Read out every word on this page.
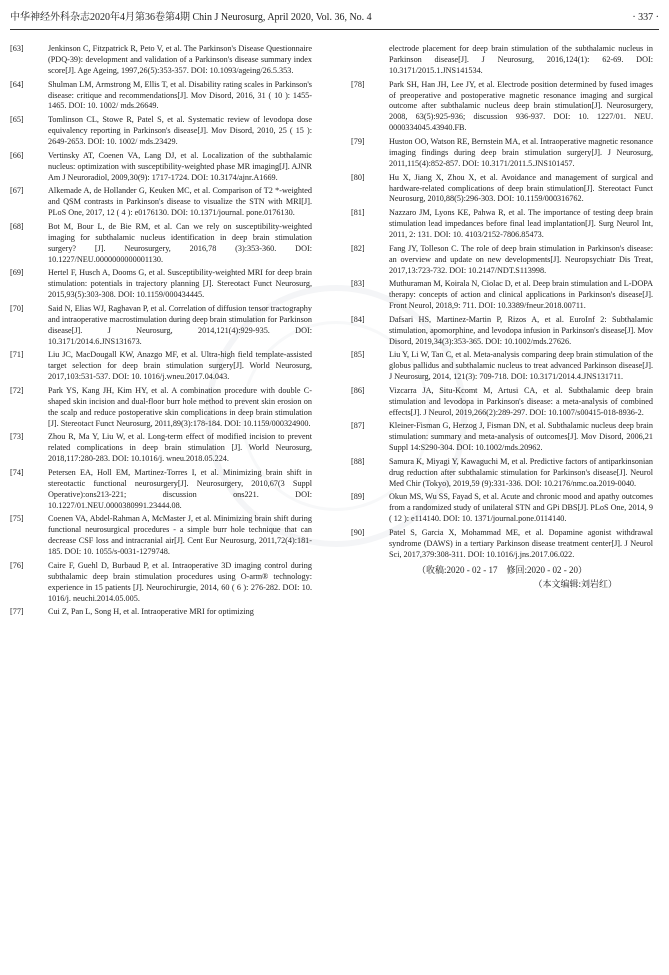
中华神经外科杂志2020年4月第36卷第4期 Chin J Neurosurg, April 2020, Vol. 36, No. 4	· 337 ·
[63]	Jenkinson C, Fitzpatrick R, Peto V, et al. The Parkinson's Disease Questionnaire (PDQ-39): development and validation of a Parkinson's disease summary index score[J]. Age Ageing, 1997,26(5):353-357. DOI: 10.1093/ageing/26.5.353.
[64]	Shulman LM, Armstrong M, Ellis T, et al. Disability rating scales in Parkinson's disease: critique and recommendations[J]. Mov Disord, 2016, 31 ( 10 ): 1455-1465. DOI: 10. 1002/ mds.26649.
[65]	Tomlinson CL, Stowe R, Patel S, et al. Systematic review of levodopa dose equivalency reporting in Parkinson's disease[J]. Mov Disord, 2010, 25 ( 15 ): 2649-2653. DOI: 10. 1002/ mds.23429.
[66]	Vertinsky AT, Coenen VA, Lang DJ, et al. Localization of the subthalamic nucleus: optimization with susceptibility-weighted phase MR imaging[J]. AJNR Am J Neuroradiol, 2009,30(9): 1717-1724. DOI: 10.3174/ajnr.A1669.
[67]	Alkemade A, de Hollander G, Keuken MC, et al. Comparison of T2 *-weighted and QSM contrasts in Parkinson's disease to visualize the STN with MRI[J]. PLoS One, 2017, 12 ( 4 ): e0176130. DOI: 10.1371/journal. pone.0176130.
[68]	Bot M, Bour L, de Bie RM, et al. Can we rely on susceptibility-weighted imaging for subthalamic nucleus identification in deep brain stimulation surgery? [J]. Neurosurgery, 2016,78 (3):353-360. DOI: 10.1227/NEU.0000000000001130.
[69]	Hertel F, Husch A, Dooms G, et al. Susceptibility-weighted MRI for deep brain stimulation: potentials in trajectory planning [J]. Stereotact Funct Neurosurg, 2015,93(5):303-308. DOI: 10.1159/000434445.
[70]	Said N, Elias WJ, Raghavan P, et al. Correlation of diffusion tensor tractography and intraoperative macrostimulation during deep brain stimulation for Parkinson disease[J]. J Neurosurg, 2014,121(4):929-935. DOI: 10.3171/2014.6.JNS131673.
[71]	Liu JC, MacDougall KW, Anazgo MF, et al. Ultra-high field template-assisted target selection for deep brain stimulation surgery[J]. World Neurosurg, 2017,103:531-537. DOI: 10. 1016/j.wneu.2017.04.043.
[72]	Park YS, Kang JH, Kim HY, et al. A combination procedure with double C-shaped skin incision and dual-floor burr hole method to prevent skin erosion on the scalp and reduce postoperative skin complications in deep brain stimulation [J]. Stereotact Funct Neurosurg, 2011,89(3):178-184. DOI: 10.1159/000324900.
[73]	Zhou R, Ma Y, Liu W, et al. Long-term effect of modified incision to prevent related complications in deep brain stimulation [J]. World Neurosurg, 2018,117:280-283. DOI: 10.1016/j. wneu.2018.05.224.
[74]	Petersen EA, Holl EM, Martinez-Torres I, et al. Minimizing brain shift in stereotactic functional neurosurgery[J]. Neurosurgery, 2010,67(3 Suppl Operative):ons213-221; discussion ons221. DOI: 10.1227/01.NEU.0000380991.23444.08.
[75]	Coenen VA, Abdel-Rahman A, McMaster J, et al. Minimizing brain shift during functional neurosurgical procedures - a simple burr hole technique that can decrease CSF loss and intracranial air[J]. Cent Eur Neurosurg, 2011,72(4):181-185. DOI: 10. 1055/s-0031-1279748.
[76]	Caire F, Guehl D, Burbaud P, et al. Intraoperative 3D imaging control during subthalamic deep brain stimulation procedures using O-arm® technology: experience in 15 patients [J]. Neurochirurgie, 2014, 60 ( 6 ): 276-282. DOI: 10. 1016/j. neuchi.2014.05.005.
[77]	Cui Z, Pan L, Song H, et al. Intraoperative MRI for optimizing
electrode placement for deep brain stimulation of the subthalamic nucleus in Parkinson disease[J]. J Neurosurg, 2016,124(1): 62-69. DOI: 10.3171/2015.1.JNS141534.
[78]	Park SH, Han JH, Lee JY, et al. Electrode position determined by fused images of preoperative and postoperative magnetic resonance imaging and surgical outcome after subthalamic nucleus deep brain stimulation[J]. Neurosurgery, 2008, 63(5):925-936; discussion 936-937. DOI: 10. 1227/01. NEU. 0000334045.43940.FB.
[79]	Huston OO, Watson RE, Bernstein MA, et al. Intraoperative magnetic resonance imaging findings during deep brain stimulation surgery[J]. J Neurosurg, 2011,115(4):852-857. DOI: 10.3171/2011.5.JNS101457.
[80]	Hu X, Jiang X, Zhou X, et al. Avoidance and management of surgical and hardware-related complications of deep brain stimulation[J]. Stereotact Funct Neurosurg, 2010,88(5):296-303. DOI: 10.1159/000316762.
[81]	Nazzaro JM, Lyons KE, Pahwa R, et al. The importance of testing deep brain stimulation lead impedances before final lead implantation[J]. Surg Neurol Int, 2011, 2: 131. DOI: 10. 4103/2152-7806.85473.
[82]	Fang JY, Tolleson C. The role of deep brain stimulation in Parkinson's disease: an overview and update on new developments[J]. Neuropsychiatr Dis Treat, 2017,13:723-732. DOI: 10.2147/NDT.S113998.
[83]	Muthuraman M, Koirala N, Ciolac D, et al. Deep brain stimulation and L-DOPA therapy: concepts of action and clinical applications in Parkinson's disease[J]. Front Neurol, 2018,9: 711. DOI: 10.3389/fneur.2018.00711.
[84]	Dafsari HS, Martinez-Martin P, Rizos A, et al. EuroInf 2: Subthalamic stimulation, apomorphine, and levodopa infusion in Parkinson's disease[J]. Mov Disord, 2019,34(3):353-365. DOI: 10.1002/mds.27626.
[85]	Liu Y, Li W, Tan C, et al. Meta-analysis comparing deep brain stimulation of the globus pallidus and subthalamic nucleus to treat advanced Parkinson disease[J]. J Neurosurg, 2014, 121(3): 709-718. DOI: 10.3171/2014.4.JNS131711.
[86]	Vizcarra JA, Situ-Kcomt M, Artusi CA, et al. Subthalamic deep brain stimulation and levodopa in Parkinson's disease: a meta-analysis of combined effects[J]. J Neurol, 2019,266(2):289-297. DOI: 10.1007/s00415-018-8936-2.
[87]	Kleiner-Fisman G, Herzog J, Fisman DN, et al. Subthalamic nucleus deep brain stimulation: summary and meta-analysis of outcomes[J]. Mov Disord, 2006,21 Suppl 14:S290-304. DOI: 10.1002/mds.20962.
[88]	Samura K, Miyagi Y, Kawaguchi M, et al. Predictive factors of antiparkinsonian drug reduction after subthalamic stimulation for Parkinson's disease[J]. Neurol Med Chir (Tokyo), 2019,59 (9):331-336. DOI: 10.2176/nmc.oa.2019-0040.
[89]	Okun MS, Wu SS, Fayad S, et al. Acute and chronic mood and apathy outcomes from a randomized study of unilateral STN and GPi DBS[J]. PLoS One, 2014, 9 ( 12 ): e114140. DOI: 10. 1371/journal.pone.0114140.
[90]	Patel S, Garcia X, Mohammad ME, et al. Dopamine agonist withdrawal syndrome (DAWS) in a tertiary Parkinson disease treatment center[J]. J Neurol Sci, 2017,379:308-311. DOI: 10.1016/j.jns.2017.06.022.
（收稿:2020 - 02 - 17　修回:2020 - 02 - 20）
（本文编辑:刘岩红）
